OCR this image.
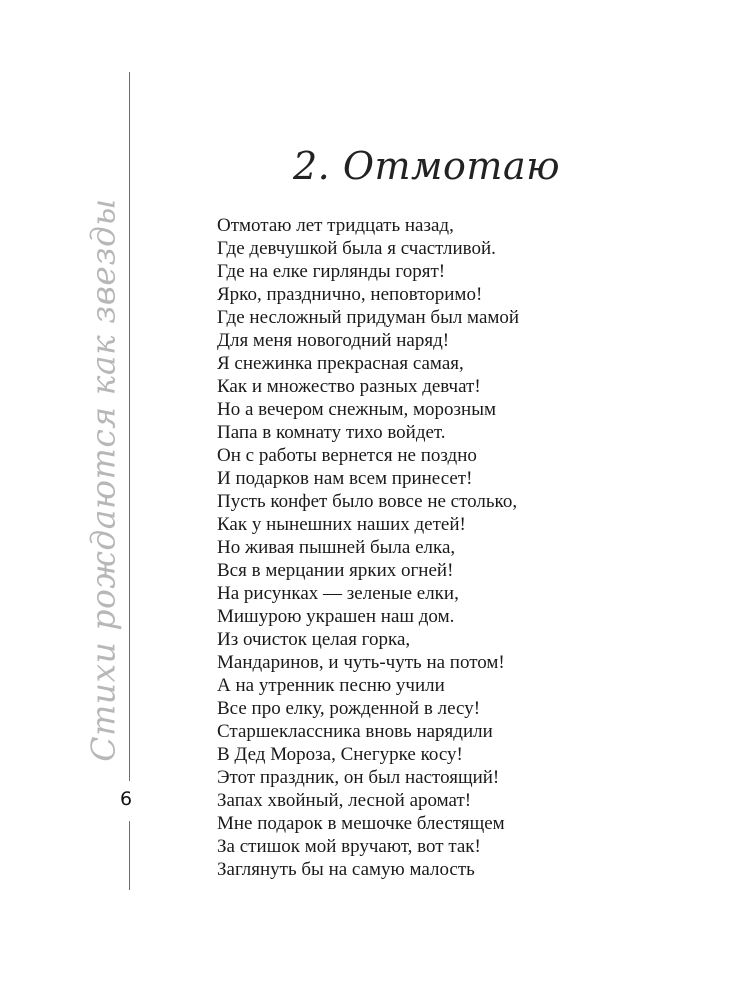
Стихи рождаются как звезды
6
2. Отмотаю
Отмотаю лет тридцать назад,
Где девчушкой была я счастливой.
Где на елке гирлянды горят!
Ярко, празднично, неповторимо!
Где несложный придуман был мамой
Для меня новогодний наряд!
Я снежинка прекрасная самая,
Как и множество разных девчат!
Но а вечером снежным, морозным
Папа в комнату тихо войдет.
Он с работы вернется не поздно
И подарков нам всем принесет!
Пусть конфет было вовсе не столько,
Как у нынешних наших детей!
Но живая пышней была елка,
Вся в мерцании ярких огней!
На рисунках — зеленые елки,
Мишурою украшен наш дом.
Из очисток целая горка,
Мандаринов, и чуть-чуть на потом!
А на утренник песню учили
Все про елку, рожденной в лесу!
Старшеклассника вновь нарядили
В Дед Мороза, Снегурке косу!
Этот праздник, он был настоящий!
Запах хвойный, лесной аромат!
Мне подарок в мешочке блестящем
За стишок мой вручают, вот так!
Заглянуть бы на самую малость
